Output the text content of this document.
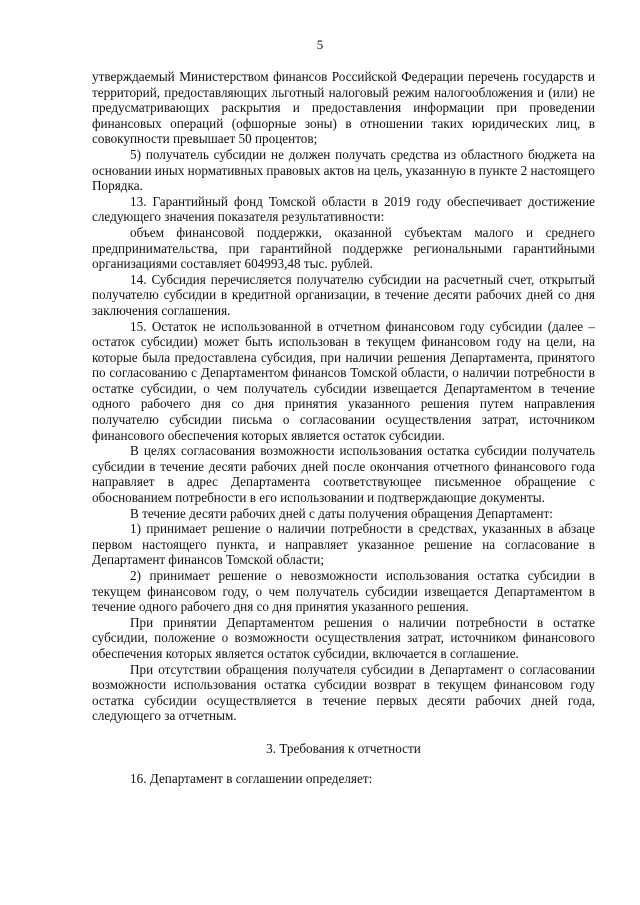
5

утверждаемый Министерством финансов Российской Федерации перечень государств и территорий, предоставляющих льготный налоговый режим налогообложения и (или) не предусматривающих раскрытия и предоставления информации при проведении финансовых операций (офшорные зоны) в отношении таких юридических лиц, в совокупности превышает 50 процентов;

5) получатель субсидии не должен получать средства из областного бюджета на основании иных нормативных правовых актов на цель, указанную в пункте 2 настоящего Порядка.

13. Гарантийный фонд Томской области в 2019 году обеспечивает достижение следующего значения показателя результативности:

объем финансовой поддержки, оказанной субъектам малого и среднего предпринимательства, при гарантийной поддержке региональными гарантийными организациями составляет 604993,48 тыс. рублей.

14. Субсидия перечисляется получателю субсидии на расчетный счет, открытый получателю субсидии в кредитной организации, в течение десяти рабочих дней со дня заключения соглашения.

15. Остаток не использованной в отчетном финансовом году субсидии (далее – остаток субсидии) может быть использован в текущем финансовом году на цели, на которые была предоставлена субсидия, при наличии решения Департамента, принятого по согласованию с Департаментом финансов Томской области, о наличии потребности в остатке субсидии, о чем получатель субсидии извещается Департаментом в течение одного рабочего дня со дня принятия указанного решения путем направления получателю субсидии письма о согласовании осуществления затрат, источником финансового обеспечения которых является остаток субсидии.

В целях согласования возможности использования остатка субсидии получатель субсидии в течение десяти рабочих дней после окончания отчетного финансового года направляет в адрес Департамента соответствующее письменное обращение с обоснованием потребности в его использовании и подтверждающие документы.

В течение десяти рабочих дней с даты получения обращения Департамент:

1) принимает решение о наличии потребности в средствах, указанных в абзаце первом настоящего пункта, и направляет указанное решение на согласование в Департамент финансов Томской области;

2) принимает решение о невозможности использования остатка субсидии в текущем финансовом году, о чем получатель субсидии извещается Департаментом в течение одного рабочего дня со дня принятия указанного решения.

При принятии Департаментом решения о наличии потребности в остатке субсидии, положение о возможности осуществления затрат, источником финансового обеспечения которых является остаток субсидии, включается в соглашение.

При отсутствии обращения получателя субсидии в Департамент о согласовании возможности использования остатка субсидии возврат в текущем финансовом году остатка субсидии осуществляется в течение первых десяти рабочих дней года, следующего за отчетным.

3. Требования к отчетности

16. Департамент в соглашении определяет:
